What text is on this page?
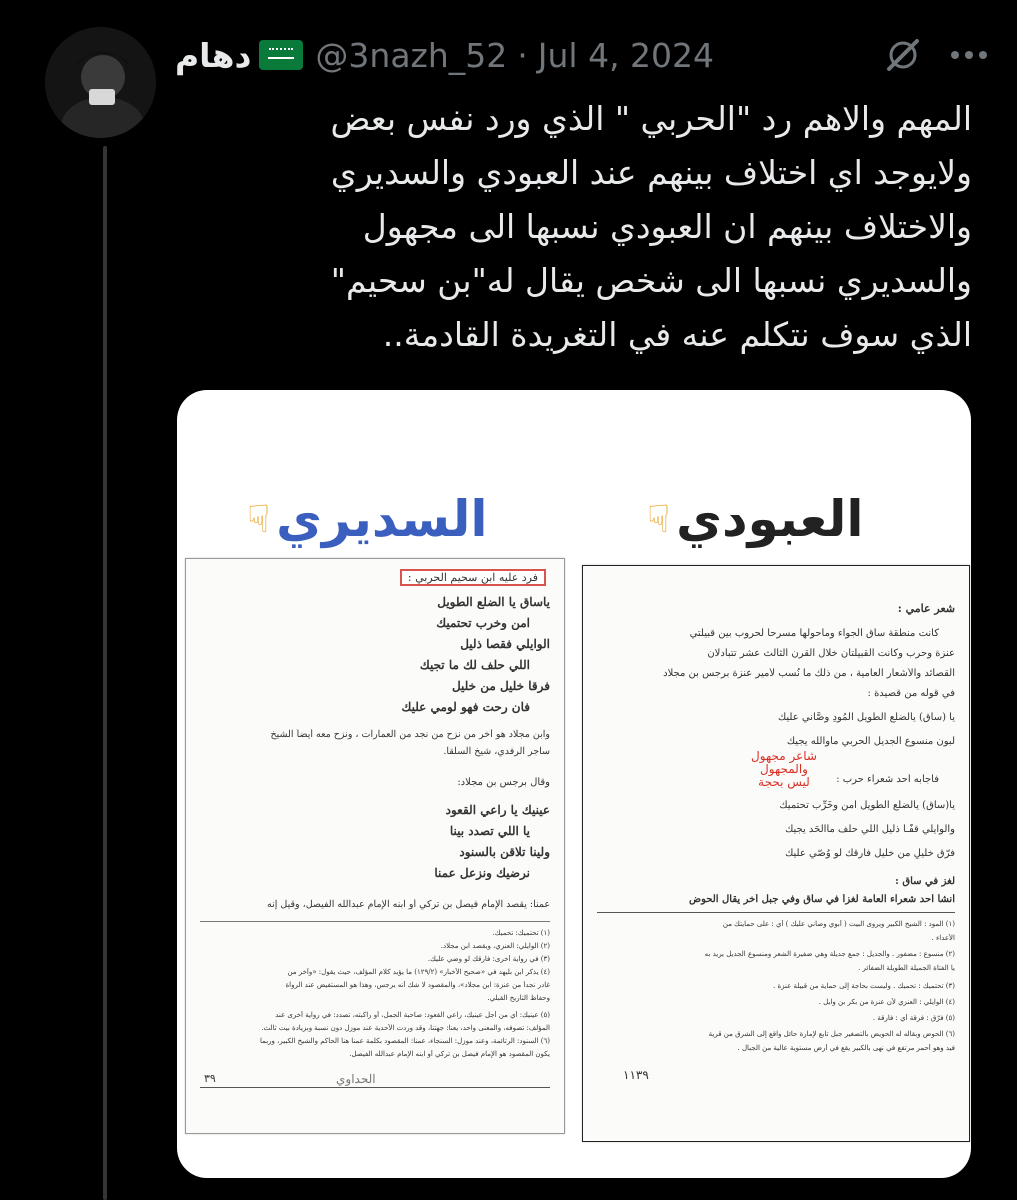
دهام @3nazh_52 · Jul 4, 2024
المهم والاهم رد "الحربي " الذي ورد نفس بعض
ولايوجد اي اختلاف بينهم عند العبودي والسديري
والاختلاف بينهم ان العبودي نسبها الى مجهول
والسديري نسبها الى شخص يقال له"بن سحيم"
الذي سوف نتكلم عنه في التغريدة القادمة..
السديري
☟	العبودي
☟
فرد عليه ابن سحيم الحربي :
ياساق يا الضلع الطويل
امن وخرب تحتميك
الوايلي فقصا ذليل
اللي حلف لك ما تجيك
فرقا خليل من خليل
فان رحت فهو لومي عليك
وابن مجلاد هو آخر من نزح من نجد من العمارات ، ونزح معه أيضاً الشيخ
ساجر الرفدي، شيخ السلقا.
وقال برجس بن مجلاد:
عينيك يا راعي القعود
يا اللي تصدد بينا
ولينا تلاقن بالسنود
نرضيك ونزعل عمنا
عمنا: يقصد الإمام فيصل بن تركي أو ابنه الإمام عبدالله الفيصل، وقيل إنه
(١) تحتميك: تحميك.
(٢) الوايلي: العنزي، ويقصد ابن مجلاد.
(٣) في رواية أخرى: فارقك لو وضي عليك.
(٤) يذكر ابن بليهد في «صحيح الأخبار» (١٢٩/٢) ما يؤيد كلام المؤلف، حيث يقول: «وآخر من
غادر نجداً من عنزة: ابن مجلاد»، والمقصود لا شك أنه برجس، وهذا هو المستفيض عند الرواة
وحفاظ التاريخ القبلي.
(٥) عينيك: أي من أجل عينيك، راعي القعود: صاحبة الجمل، أو راكبته، تصدد: في رواية أخرى عند
المؤلف: تصوفه، والمعنى واحد، يعنا: جهتنا، وقد وردت الأحدية عند موزل دون نسبة وبزيادة بيت ثالث.
(٦) السنود: الرتائمة، وعند موزل: السنجاء، عمنا: المقصود بكلمة عمنا هنا الحاكم والشيخ الكبير، وربما
يكون المقصود هو الإمام فيصل بن تركي أو ابنه الإمام عبدالله الفيصل.
٣٩	الحداوي
شعر عامي :
كانت منطقة ساق الجواء وماحولها مسرحاً لحروب بين قبيلتي
عنزة وحرب وكانت القبيلتان خلال القرن الثالث عشر تتبادلان
القصائد والأشعار العامية ، من ذلك ما نُسب لأمير عنزة برجس بن مجلاد
في قوله من قصيدة :
يا (ساق) يالضلع الطويل الْمُودِ وصَّاني عليك
لبون منسوع الجديل الحربي ماوالله يجيك
فأجابه أحد شعراء حرب :
شاعر مجهول والمجهول ليس بحجة
يا(ساق) يالضلع الطويل آمن وخَرِّب تحتميك
والوايلي قفَّـا ذليل اللي حلف ماالحَد يجيك
فرّق خليلٍ من خليل فارقك لو وُصّي عليك
لغز في ساق :
أنشأ أحد شعراء العامة لغزاً في ساق وفي جبل آخر يقال الحوض
(١) المود : الشيخ الكبير ويروى البيت ( أبوي وصاني عليك ) أي : على حمايتك من
الأعداء .
(٢) منسوع : مضفور . والجديل : جمع جديلة وهي ضفيرة الشعر ومنسوع الجديل يريد به
يا الفتاة الجميلة الطويلة الضفائر .
(٣) تحتميك : تحميك . وليست بحاجة إلى حماية من قبيلة عنزة .
(٤) الوايلي : العنزي لأن عنزة من بكر بن وايل .
(٥) فرّق : فرقة أي : فارقة .
(٦) الحوض وبقاله له الحويض بالتصغير جبل تابع لإمارة حائل واقع إلى الشرق من قرية
فيد وهو أحمر مرتفع في نهى بالكبير يقع في أرض مستوية عالية من الجبال .
١١٣٩
